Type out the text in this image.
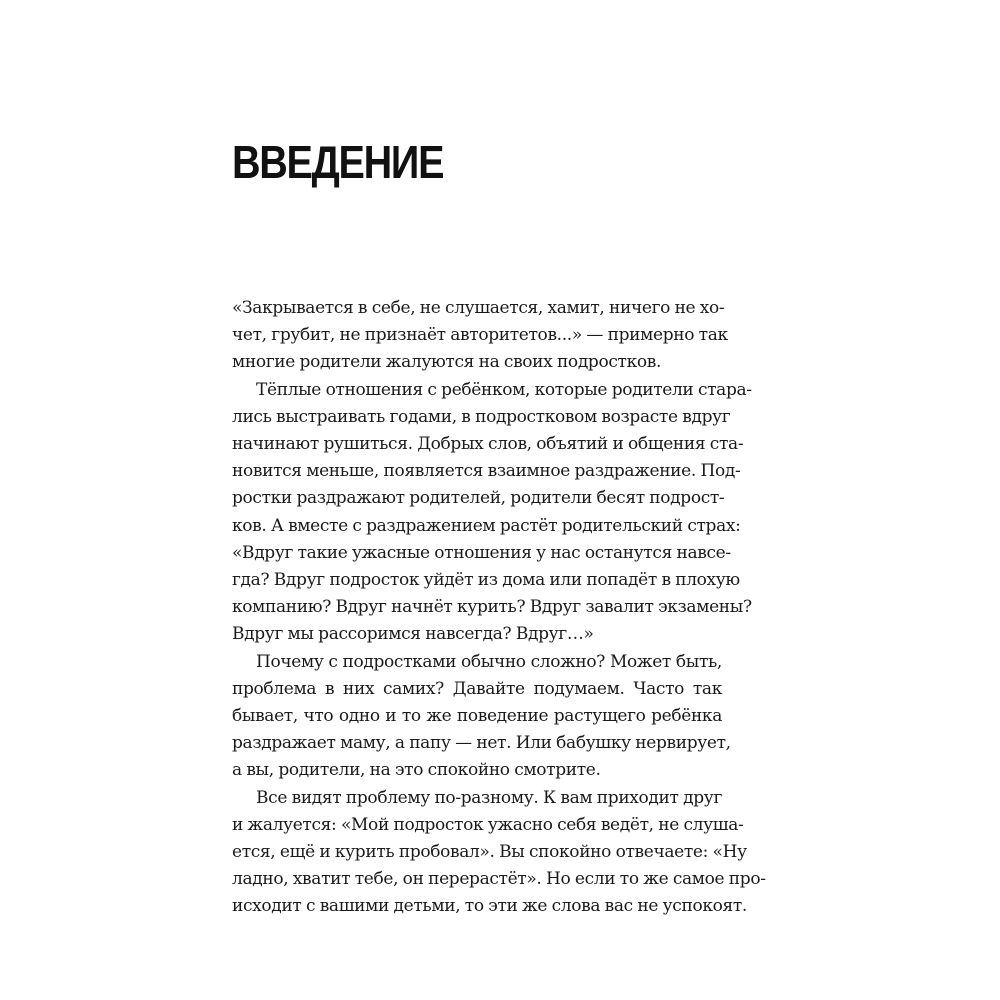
ВВЕДЕНИЕ

«Закрывается в себе, не слушается, хамит, ничего не хо-
чет, грубит, не признаёт авторитетов...» — примерно так
многие родители жалуются на своих подростков.

Тёплые отношения с ребёнком, которые родители стара-
лись выстраивать годами, в подростковом возрасте вдруг
начинают рушиться. Добрых слов, объятий и общения ста-
новится меньше, появляется взаимное раздражение. Под-
ростки раздражают родителей, родители бесят подрост-
ков. А вместе с раздражением растёт родительский страх:
«Вдруг такие ужасные отношения у нас останутся навсе-
гда? Вдруг подросток уйдёт из дома или попадёт в плохую
компанию? Вдруг начнёт курить? Вдруг завалит экзамены?
Вдруг мы рассоримся навсегда? Вдруг…»

Почему с подростками обычно сложно? Может быть,
проблема в них самих? Давайте подумаем. Часто так
бывает, что одно и то же поведение растущего ребёнка
раздражает маму, а папу — нет. Или бабушку нервирует,
а вы, родители, на это спокойно смотрите.

Все видят проблему по-разному. К вам приходит друг
и жалуется: «Мой подросток ужасно себя ведёт, не слуша-
ется, ещё и курить пробовал». Вы спокойно отвечаете: «Ну
ладно, хватит тебе, он перерастёт». Но если то же самое про-
исходит с вашими детьми, то эти же слова вас не успокоят.
